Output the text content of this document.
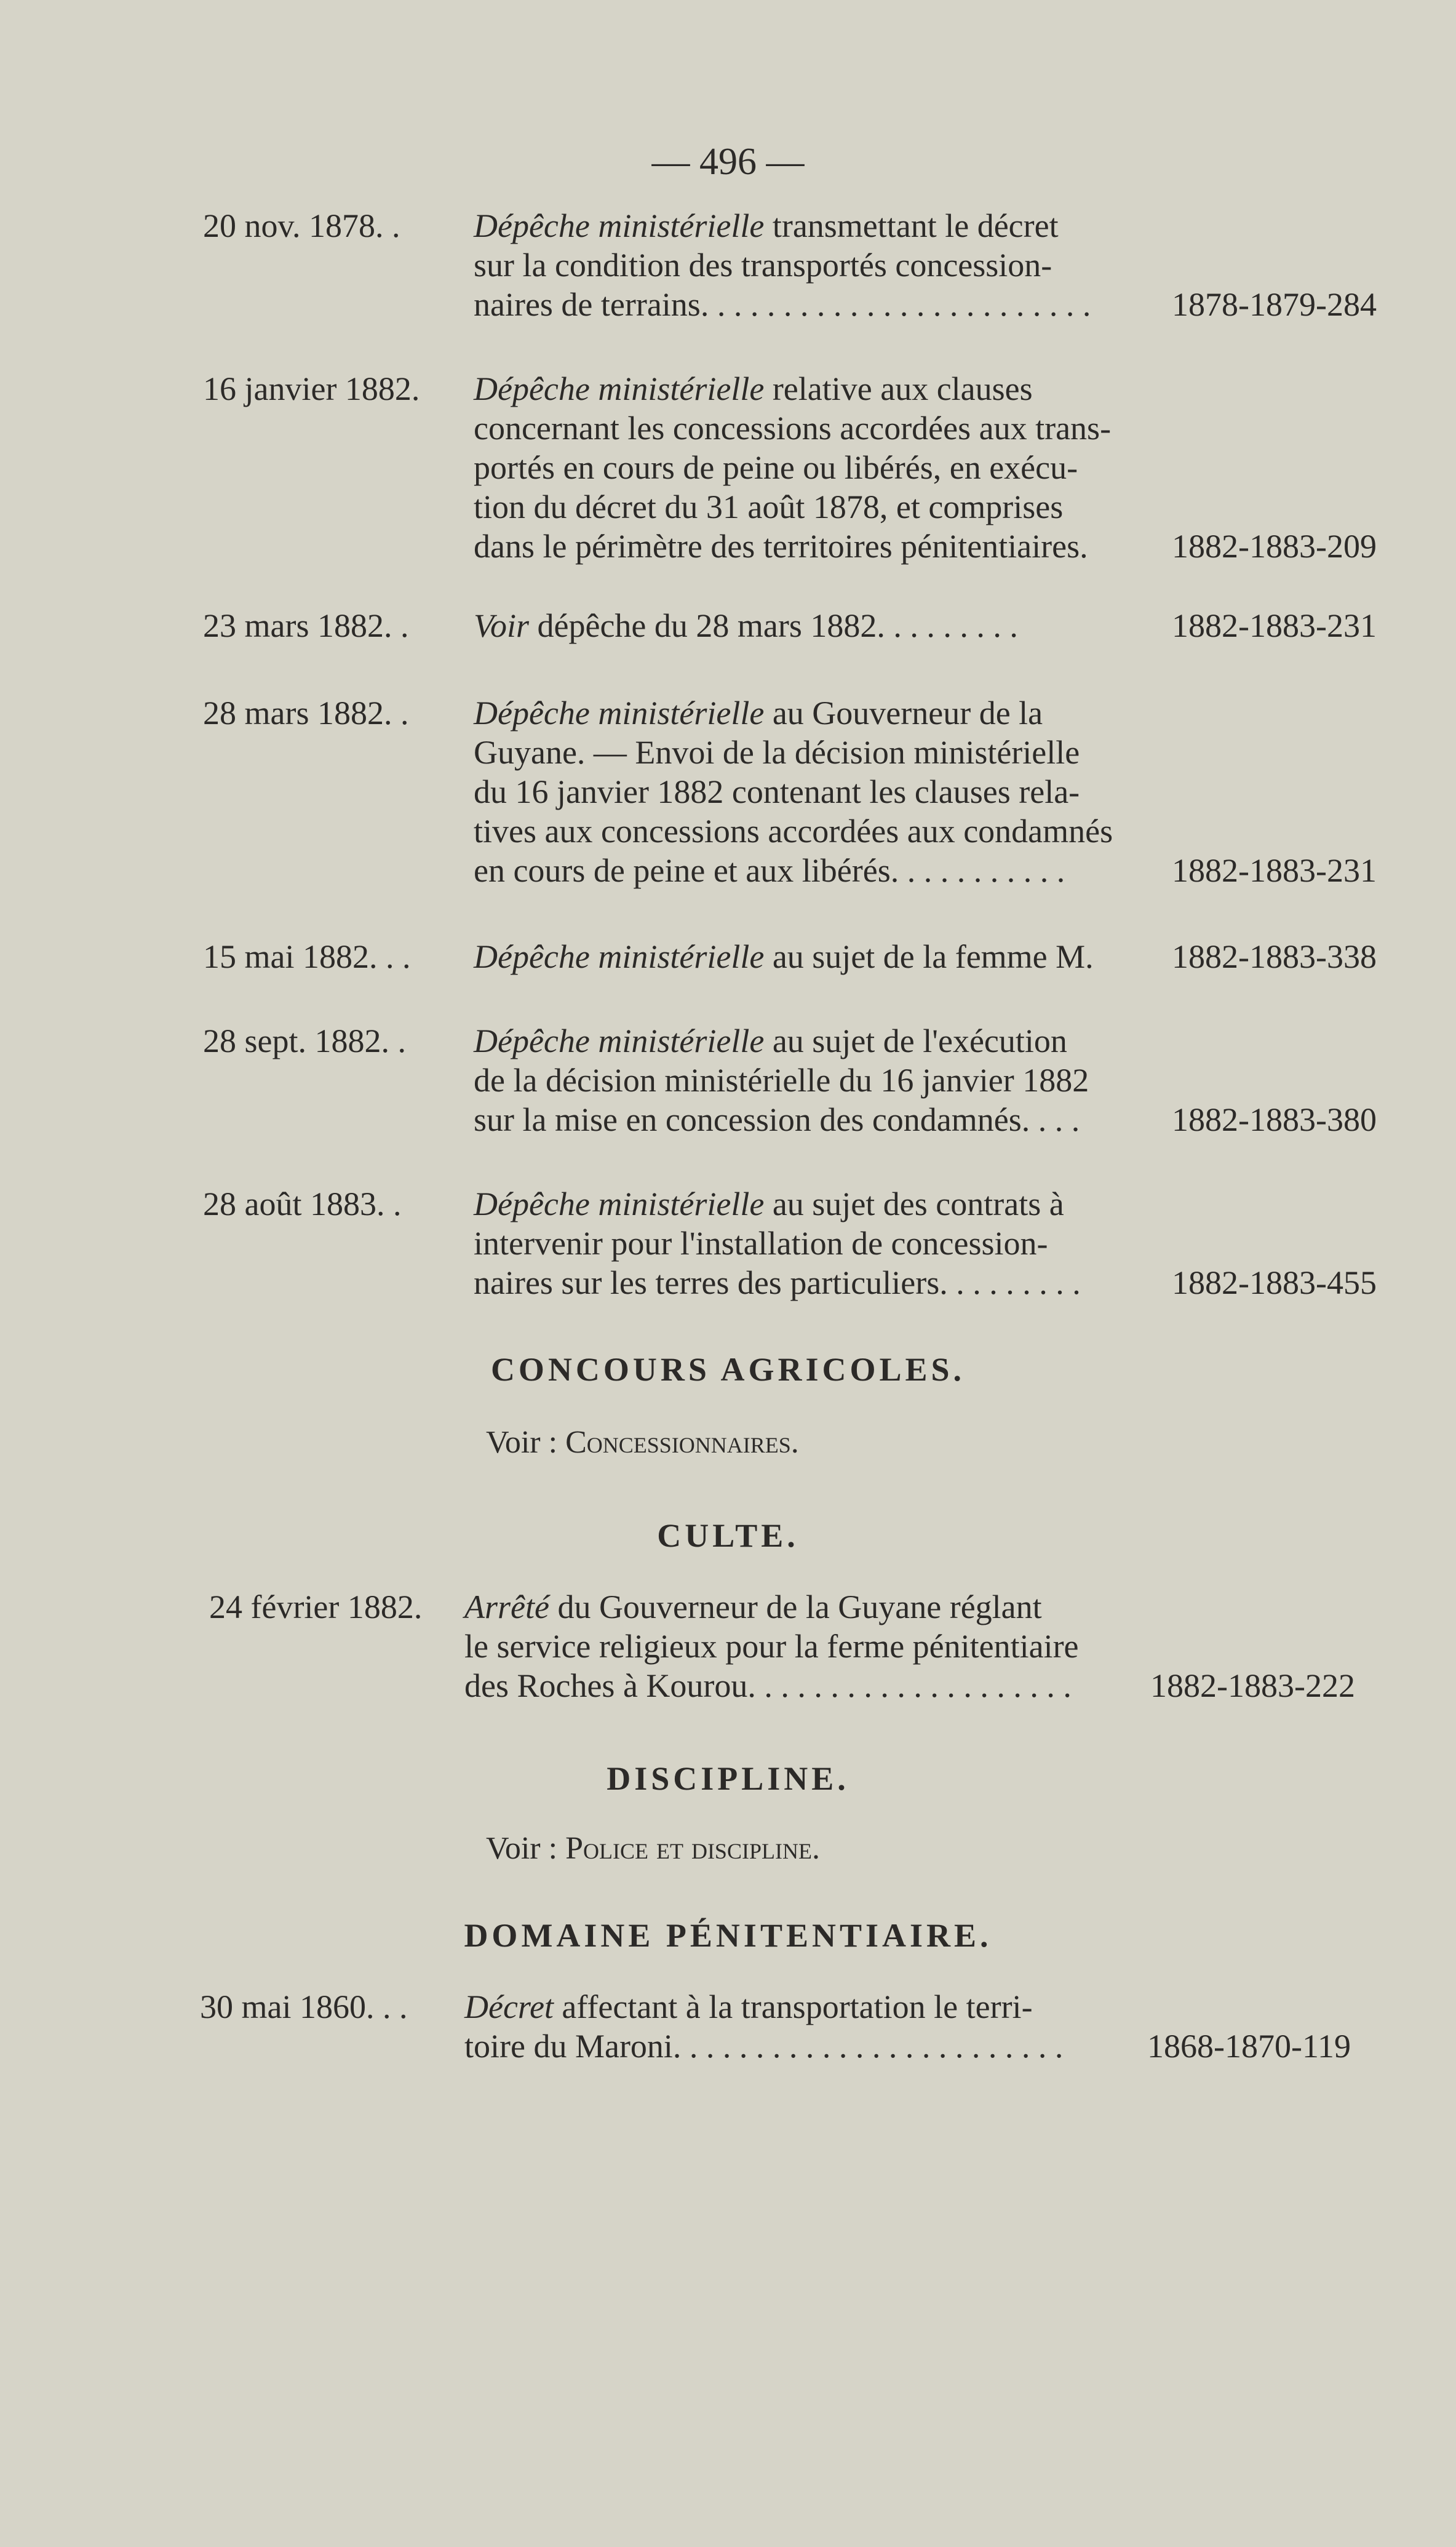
— 496 —
20 nov. 1878. . Dépêche ministérielle transmettant le décret
sur la condition des transportés concession-
naires de terrains. . . . . . . . . . . . . . . . . . . . . . . .	1878-1879-284
16 janvier 1882. Dépêche ministérielle relative aux clauses
concernant les concessions accordées aux trans-
portés en cours de peine ou libérés, en exécu-
tion du décret du 31 août 1878, et comprises
dans le périmètre des territoires pénitentiaires.	1882-1883-209
23 mars 1882. . Voir dépêche du 28 mars 1882. . . . . . . . .	1882-1883-231
28 mars 1882. . Dépêche ministérielle au Gouverneur de la
Guyane. — Envoi de la décision ministérielle
du 16 janvier 1882 contenant les clauses rela-
tives aux concessions accordées aux condamnés
en cours de peine et aux libérés. . . . . . . . . . .	1882-1883-231
15 mai 1882. . . Dépêche ministérielle au sujet de la femme M.	1882-1883-338
28 sept. 1882. . Dépêche ministérielle au sujet de l'exécution
de la décision ministérielle du 16 janvier 1882
sur la mise en concession des condamnés. . . .	1882-1883-380
28 août 1883. . Dépêche ministérielle au sujet des contrats à
intervenir pour l'installation de concession-
naires sur les terres des particuliers. . . . . . . . .	1882-1883-455
CONCOURS AGRICOLES.
Voir : Concessionnaires.
CULTE.
24 février 1882. Arrêté du Gouverneur de la Guyane réglant
le service religieux pour la ferme pénitentiaire
des Roches à Kourou. . . . . . . . . . . . . . . . . . . .	1882-1883-222
DISCIPLINE.
Voir : Police et discipline.
DOMAINE PÉNITENTIAIRE.
30 mai 1860. . . Décret affectant à la transportation le terri-
toire du Maroni. . . . . . . . . . . . . . . . . . . . . . . .	1868-1870-119
